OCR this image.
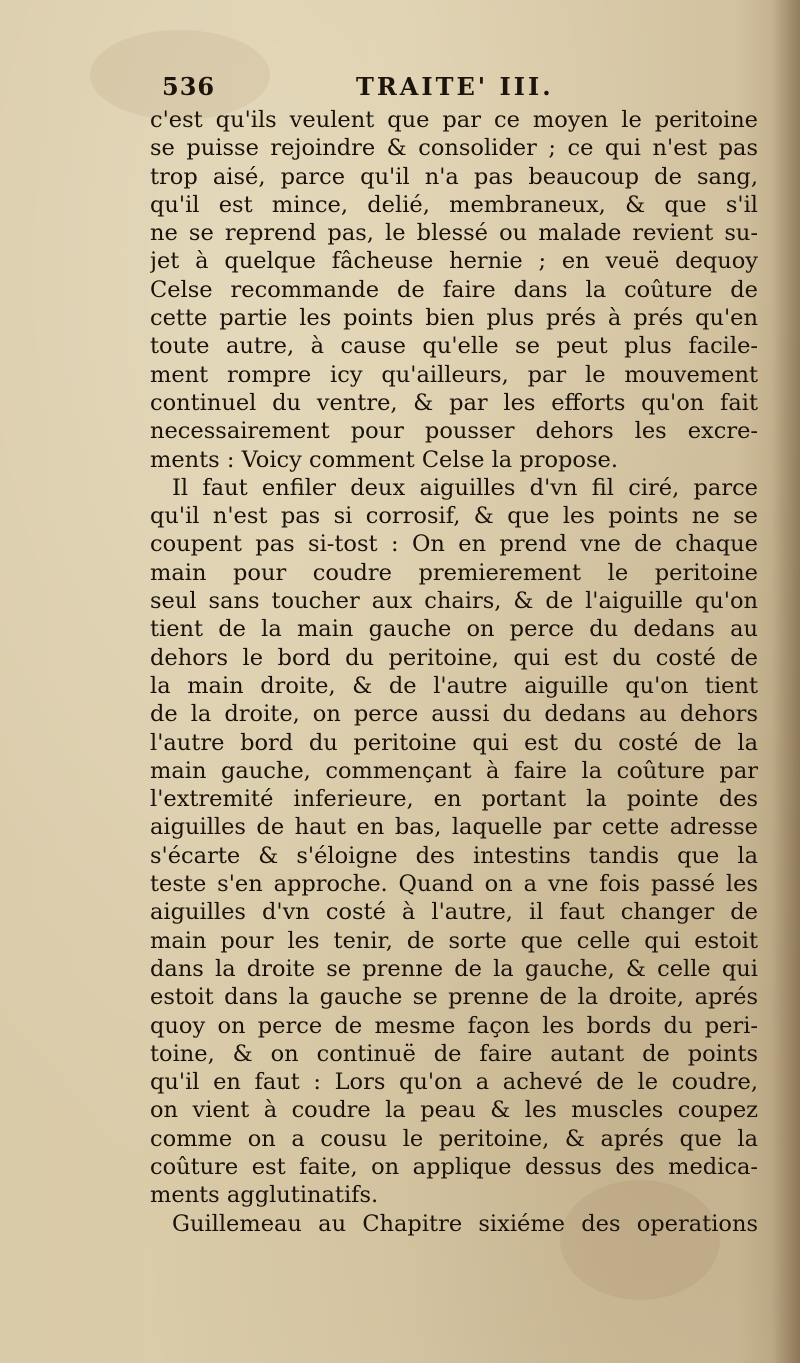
536	TRAITE' III.
c'est qu'ils veulent que par ce moyen le peritoine
se puisse rejoindre & consolider ; ce qui n'est pas
trop aisé, parce qu'il n'a pas beaucoup de sang,
qu'il est mince, delié, membraneux, & que s'il
ne se reprend pas, le blessé ou malade revient su-
jet à quelque fâcheuse hernie ; en veuë dequoy
Celse recommande de faire dans la coûture de
cette partie les points bien plus prés à prés qu'en
toute autre, à cause qu'elle se peut plus facile-
ment rompre icy qu'ailleurs, par le mouvement
continuel du ventre, & par les efforts qu'on fait
necessairement pour pousser dehors les excre-
ments : Voicy comment Celse la propose.
Il faut enfiler deux aiguilles d'vn fil ciré, parce
qu'il n'est pas si corrosif, & que les points ne se
coupent pas si-tost : On en prend vne de chaque
main pour coudre premierement le peritoine
seul sans toucher aux chairs, & de l'aiguille qu'on
tient de la main gauche on perce du dedans au
dehors le bord du peritoine, qui est du costé de
la main droite, & de l'autre aiguille qu'on tient
de la droite, on perce aussi du dedans au dehors
l'autre bord du peritoine qui est du costé de la
main gauche, commençant à faire la coûture par
l'extremité inferieure, en portant la pointe des
aiguilles de haut en bas, laquelle par cette adresse
s'écarte & s'éloigne des intestins tandis que la
teste s'en approche. Quand on a vne fois passé les
aiguilles d'vn costé à l'autre, il faut changer de
main pour les tenir, de sorte que celle qui estoit
dans la droite se prenne de la gauche, & celle qui
estoit dans la gauche se prenne de la droite, aprés
quoy on perce de mesme façon les bords du peri-
toine, & on continuë de faire autant de points
qu'il en faut : Lors qu'on a achevé de le coudre,
on vient à coudre la peau & les muscles coupez
comme on a cousu le peritoine, & aprés que la
coûture est faite, on applique dessus des medica-
ments agglutinatifs.
Guillemeau au Chapitre sixiéme des operations
